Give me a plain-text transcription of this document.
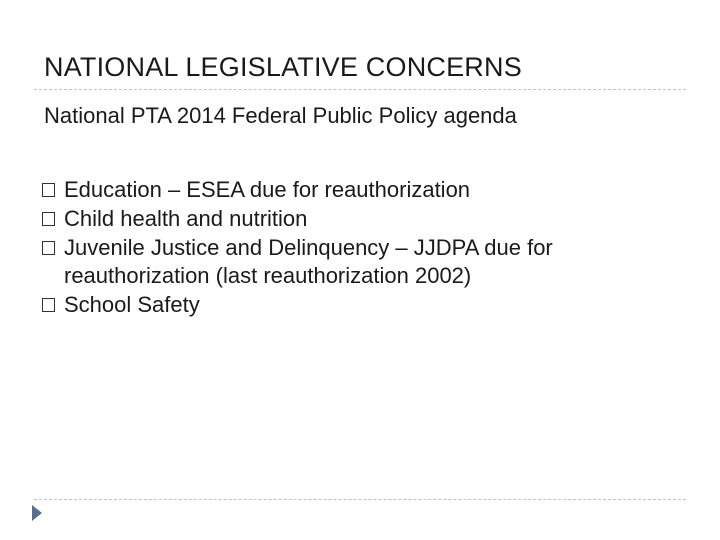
NATIONAL LEGISLATIVE CONCERNS
National PTA 2014 Federal Public Policy agenda
Education – ESEA due for reauthorization
Child health and nutrition
Juvenile Justice and Delinquency – JJDPA due for reauthorization (last reauthorization 2002)
School Safety
